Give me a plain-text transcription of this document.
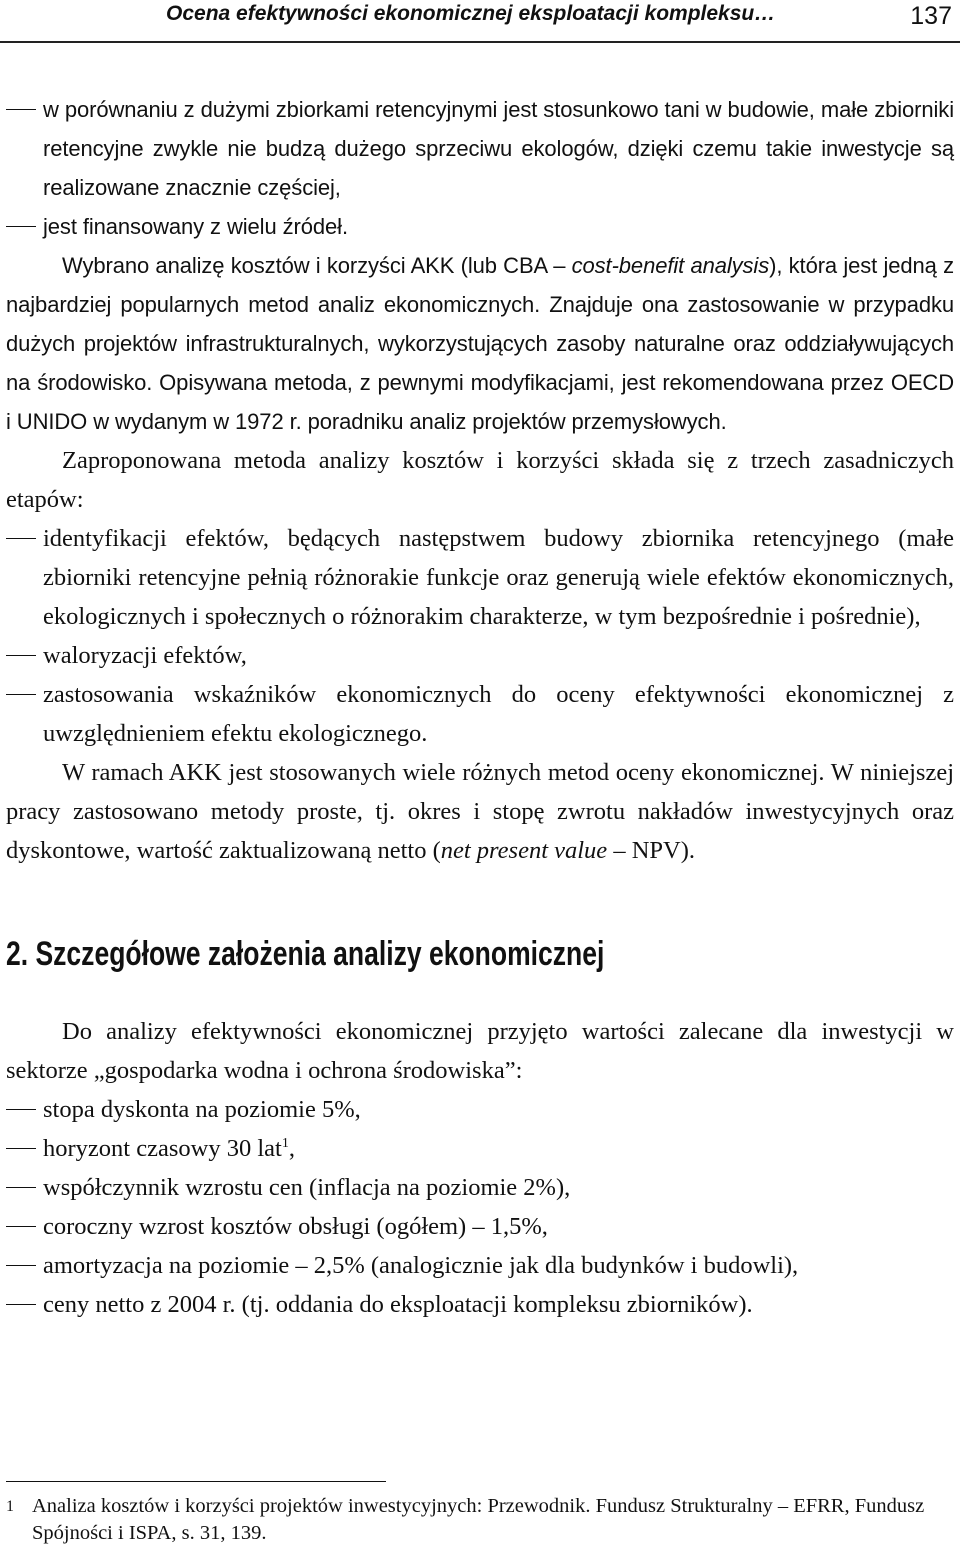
Ocena efektywności ekonomicznej eksploatacji kompleksu…	137
w porównaniu z dużymi zbiorkami retencyjnymi jest stosunkowo tani w budowie, małe zbiorniki retencyjne zwykle nie budzą dużego sprzeciwu ekologów, dzięki czemu takie inwestycje są realizowane znacznie częściej,
jest finansowany z wielu źródeł.

Wybrano analizę kosztów i korzyści AKK (lub CBA – cost-benefit analysis), która jest jedną z najbardziej popularnych metod analiz ekonomicznych. Znajduje ona zastosowanie w przypadku dużych projektów infrastrukturalnych, wykorzystujących zasoby naturalne oraz oddziaływujących na środowisko. Opisywana metoda, z pewnymi modyfikacjami, jest rekomendowana przez OECD i UNIDO w wydanym w 1972 r. poradniku analiz projektów przemysłowych.

Zaproponowana metoda analizy kosztów i korzyści składa się z trzech zasadniczych etapów:

identyfikacji efektów, będących następstwem budowy zbiornika retencyjnego (małe zbiorniki retencyjne pełnią różnorakie funkcje oraz generują wiele efektów ekonomicznych, ekologicznych i społecznych o różnorakim charakterze, w tym bezpośrednie i pośrednie),
waloryzacji efektów,
zastosowania wskaźników ekonomicznych do oceny efektywności ekonomicznej z uwzględnieniem efektu ekologicznego.

W ramach AKK jest stosowanych wiele różnych metod oceny ekonomicznej. W niniejszej pracy zastosowano metody proste, tj. okres i stopę zwrotu nakładów inwestycyjnych oraz dyskontowe, wartość zaktualizowaną netto (net present value – NPV).

2. Szczegółowe założenia analizy ekonomicznej

Do analizy efektywności ekonomicznej przyjęto wartości zalecane dla inwestycji w sektorze „gospodarka wodna i ochrona środowiska”:

stopa dyskonta na poziomie 5%,
horyzont czasowy 30 lat$^1$,
współczynnik wzrostu cen (inflacja na poziomie 2%),
coroczny wzrost kosztów obsługi (ogółem) – 1,5%,
amortyzacja na poziomie – 2,5% (analogicznie jak dla budynków i budowli),
ceny netto z 2004 r. (tj. oddania do eksploatacji kompleksu zbiorników).
1 Analiza kosztów i korzyści projektów inwestycyjnych: Przewodnik. Fundusz Strukturalny – EFRR, Fundusz Spójności i ISPA, s. 31, 139.
